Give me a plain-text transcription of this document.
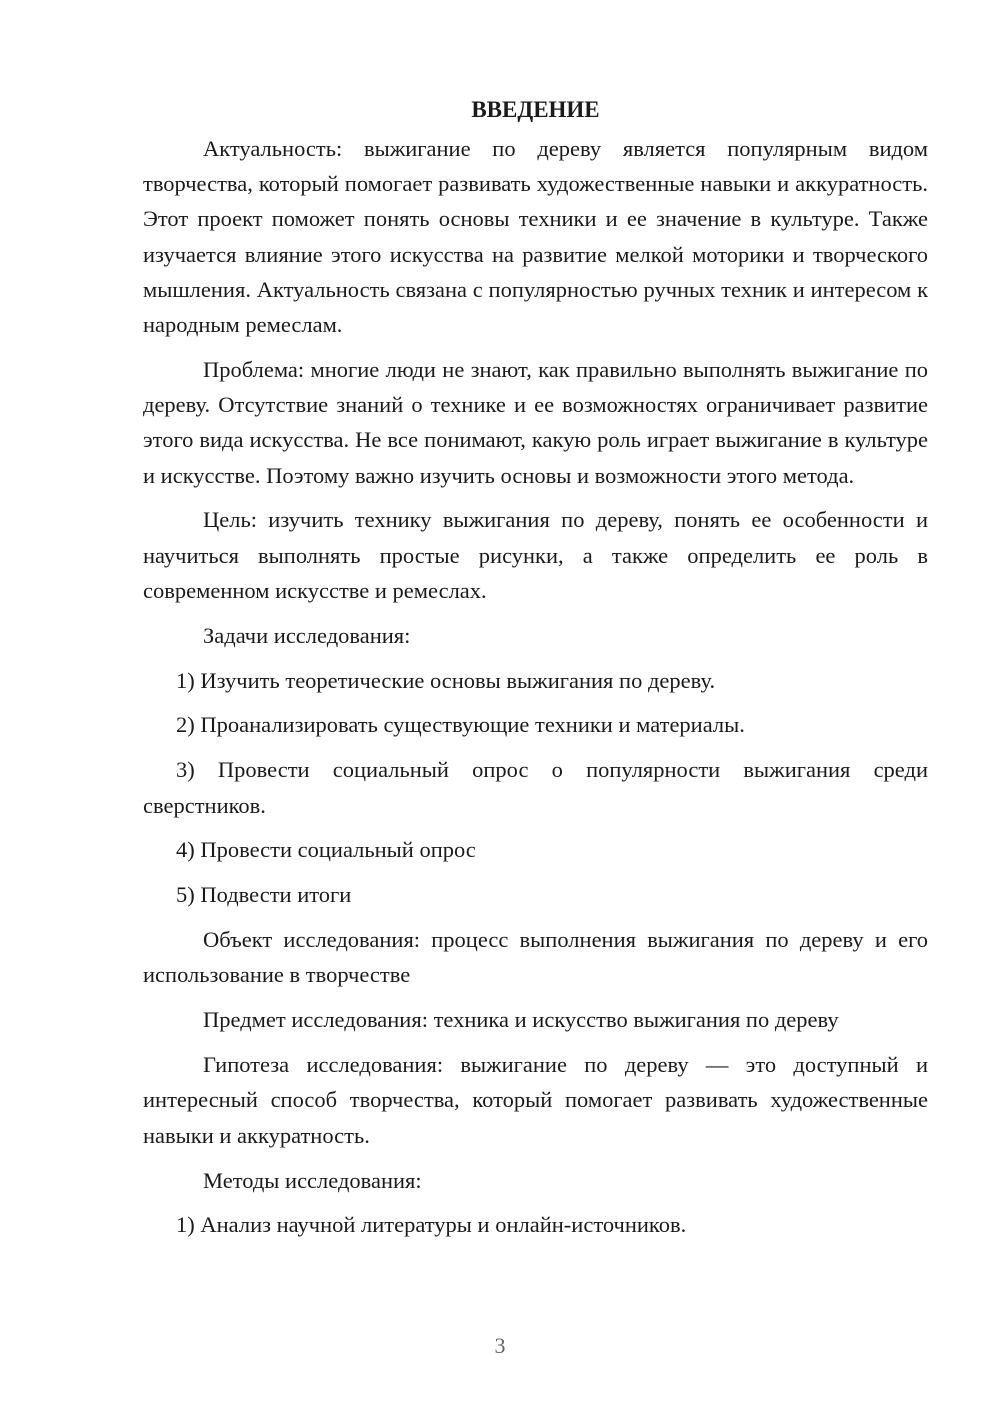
ВВЕДЕНИЕ

Актуальность: выжигание по дереву является популярным видом творчества, который помогает развивать художественные навыки и аккуратность. Этот проект поможет понять основы техники и ее значение в культуре. Также изучается влияние этого искусства на развитие мелкой моторики и творческого мышления. Актуальность связана с популярностью ручных техник и интересом к народным ремеслам.

Проблема: многие люди не знают, как правильно выполнять выжигание по дереву. Отсутствие знаний о технике и ее возможностях ограничивает развитие этого вида искусства. Не все понимают, какую роль играет выжигание в культуре и искусстве. Поэтому важно изучить основы и возможности этого метода.

Цель: изучить технику выжигания по дереву, понять ее особенности и научиться выполнять простые рисунки, а также определить ее роль в современном искусстве и ремеслах.

Задачи исследования:

1) Изучить теоретические основы выжигания по дереву.

2) Проанализировать существующие техники и материалы.

3) Провести социальный опрос о популярности выжигания среди сверстников.

4) Провести социальный опрос

5) Подвести итоги

Объект исследования: процесс выполнения выжигания по дереву и его использование в творчестве

Предмет исследования: техника и искусство выжигания по дереву

Гипотеза исследования: выжигание по дереву — это доступный и интересный способ творчества, который помогает развивать художественные навыки и аккуратность.

Методы исследования:

1) Анализ научной литературы и онлайн-источников.

3
